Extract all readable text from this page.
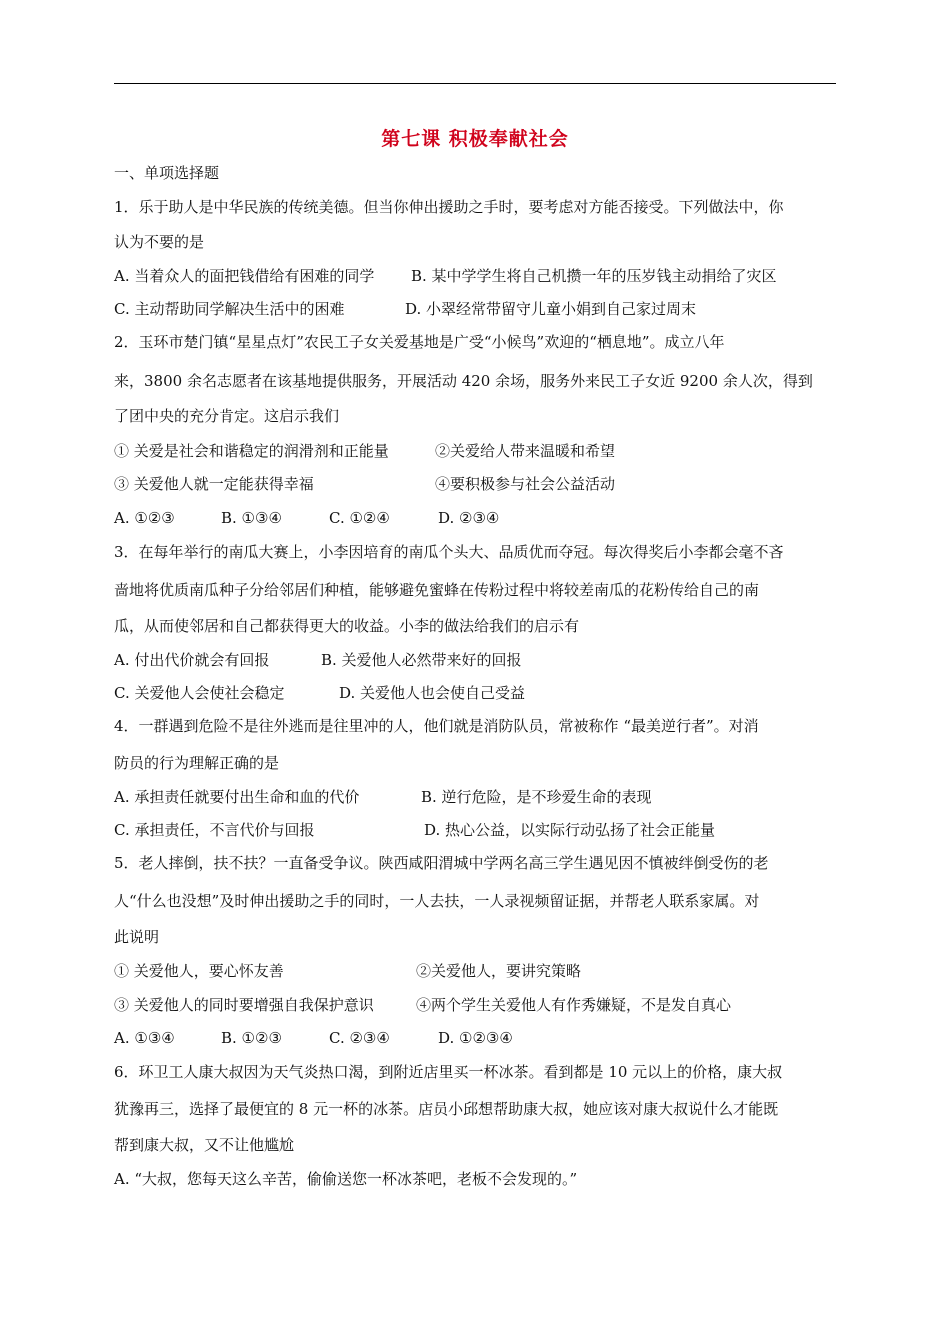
第七课 积极奉献社会
一、单项选择题
1．乐于助人是中华民族的传统美德。但当你伸出援助之手时，要考虑对方能否接受。下列做法中，你
认为不要的是
A. 当着众人的面把钱借给有困难的同学 B. 某中学学生将自己机攒一年的压岁钱主动捐给了灾区
C. 主动帮助同学解决生活中的困难	D. 小翠经常带留守儿童小娟到自己家过周末
2．玉环市楚门镇“星星点灯”农民工子女关爱基地是广受“小候鸟”欢迎的“栖息地”。成立八年
来，3800 余名志愿者在该基地提供服务，开展活动 420 余场，服务外来民工子女近 9200 余人次，得到
了团中央的充分肯定。这启示我们
① 关爱是社会和谐稳定的润滑剂和正能量	②关爱给人带来温暖和希望
③ 关爱他人就一定能获得幸福	④要积极参与社会公益活动
A. ①②③	B. ①③④	C. ①②④	D. ②③④
3．在每年举行的南瓜大赛上，小李因培育的南瓜个头大、品质优而夺冠。每次得奖后小李都会毫不吝
啬地将优质南瓜种子分给邻居们种植，能够避免蜜蜂在传粉过程中将较差南瓜的花粉传给自己的南
瓜，从而使邻居和自己都获得更大的收益。小李的做法给我们的启示有
A. 付出代价就会有回报	B. 关爱他人必然带来好的回报
C. 关爱他人会使社会稳定	D. 关爱他人也会使自己受益
4．一群遇到危险不是往外逃而是往里冲的人，他们就是消防队员，常被称作 “最美逆行者”。对消
防员的行为理解正确的是
A. 承担责任就要付出生命和血的代价	B. 逆行危险，是不珍爱生命的表现
C. 承担责任，不言代价与回报	D. 热心公益，以实际行动弘扬了社会正能量
5．老人摔倒，扶不扶？一直备受争议。陕西咸阳渭城中学两名高三学生遇见因不慎被绊倒受伤的老
人“什么也没想”及时伸出援助之手的同时，一人去扶，一人录视频留证据，并帮老人联系家属。对
此说明
① 关爱他人，要心怀友善	②关爱他人，要讲究策略
③ 关爱他人的同时要增强自我保护意识	④两个学生关爱他人有作秀嫌疑，不是发自真心
A. ①③④	B. ①②③	C. ②③④	D. ①②③④
6．环卫工人康大叔因为天气炎热口渴，到附近店里买一杯冰茶。看到都是 10 元以上的价格，康大叔
犹豫再三，选择了最便宜的 8 元一杯的冰茶。店员小邱想帮助康大叔，她应该对康大叔说什么才能既
帮到康大叔，又不让他尴尬
A. “大叔，您每天这么辛苦，偷偷送您一杯冰茶吧，老板不会发现的。”
